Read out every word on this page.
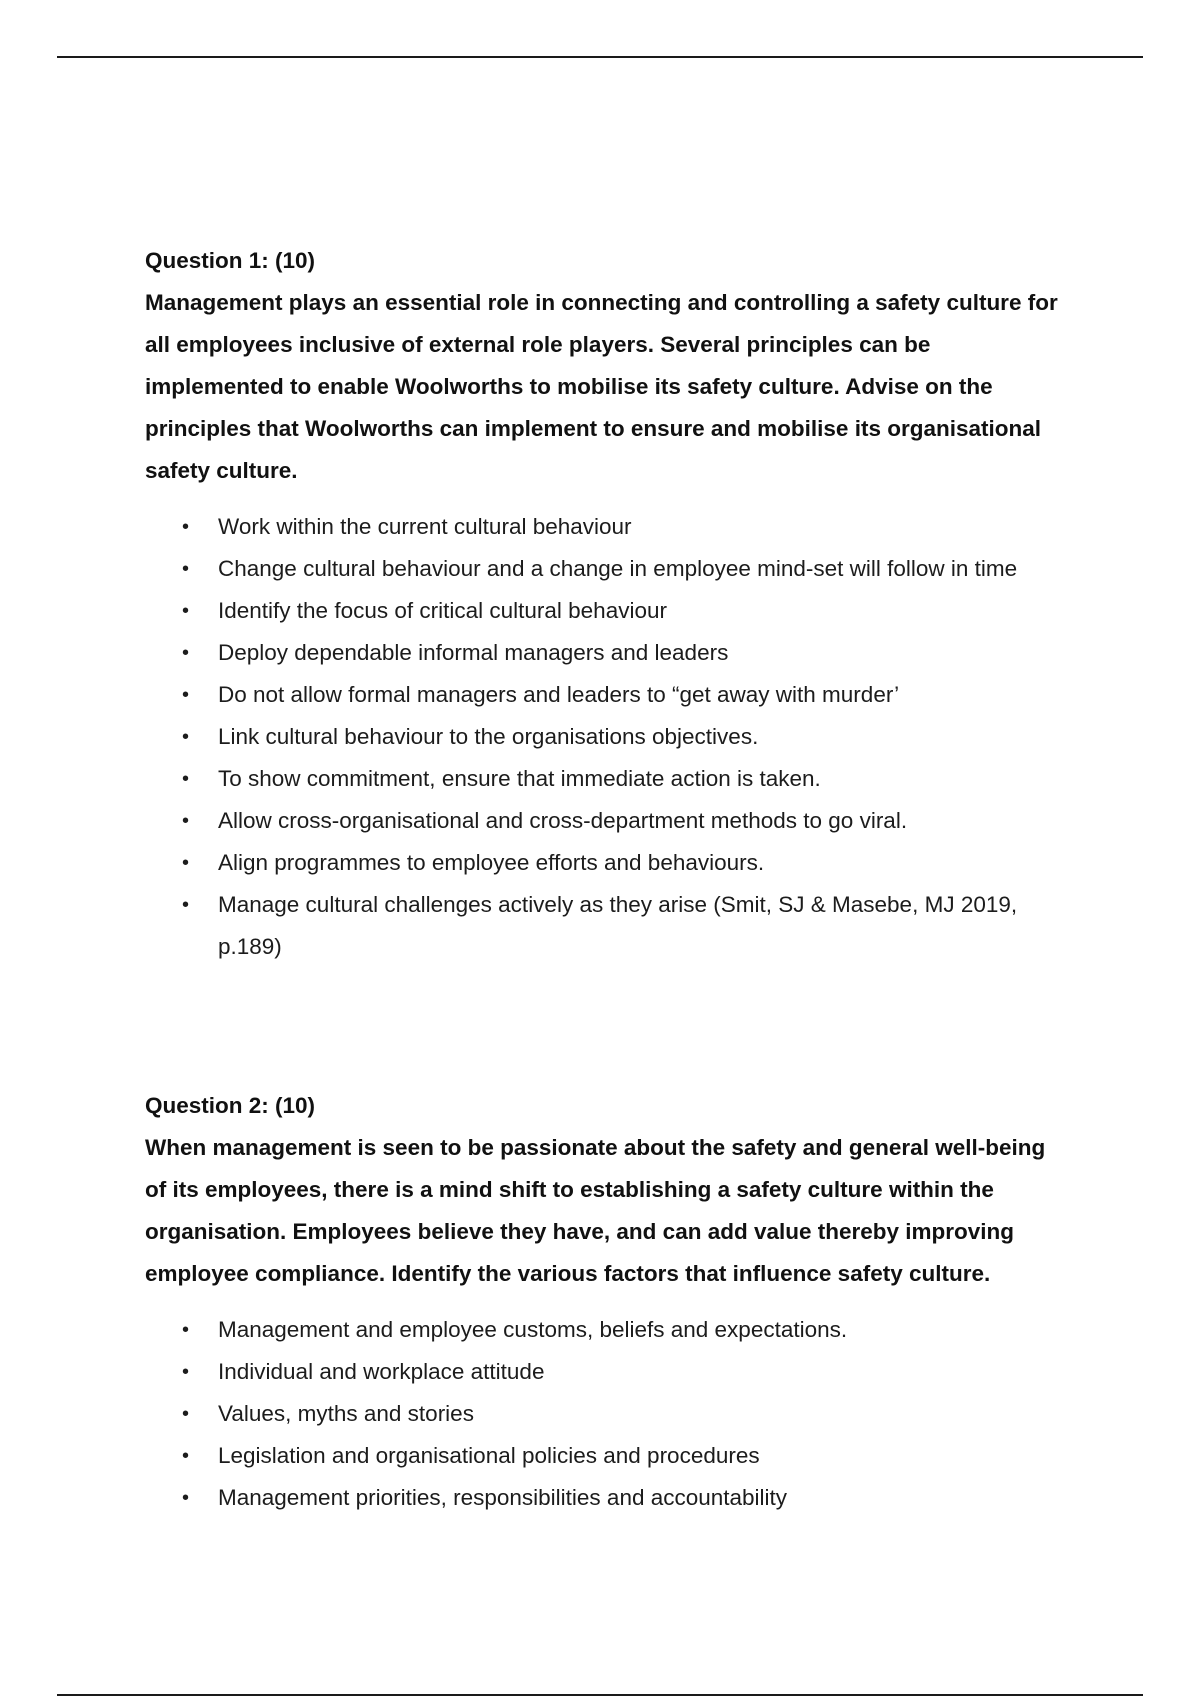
Question 1: (10)

Management plays an essential role in connecting and controlling a safety culture for all employees inclusive of external role players. Several principles can be implemented to enable Woolworths to mobilise its safety culture. Advise on the principles that Woolworths can implement to ensure and mobilise its organisational safety culture.

• Work within the current cultural behaviour
• Change cultural behaviour and a change in employee mind-set will follow in time
• Identify the focus of critical cultural behaviour
• Deploy dependable informal managers and leaders
• Do not allow formal managers and leaders to “get away with murder’
• Link cultural behaviour to the organisations objectives.
• To show commitment, ensure that immediate action is taken.
• Allow cross-organisational and cross-department methods to go viral.
• Align programmes to employee efforts and behaviours.
• Manage cultural challenges actively as they arise (Smit, SJ & Masebe, MJ 2019, p.189)

Question 2: (10)

When management is seen to be passionate about the safety and general well-being of its employees, there is a mind shift to establishing a safety culture within the organisation. Employees believe they have, and can add value thereby improving employee compliance. Identify the various factors that influence safety culture.

• Management and employee customs, beliefs and expectations.
• Individual and workplace attitude
• Values, myths and stories
• Legislation and organisational policies and procedures
• Management priorities, responsibilities and accountability
